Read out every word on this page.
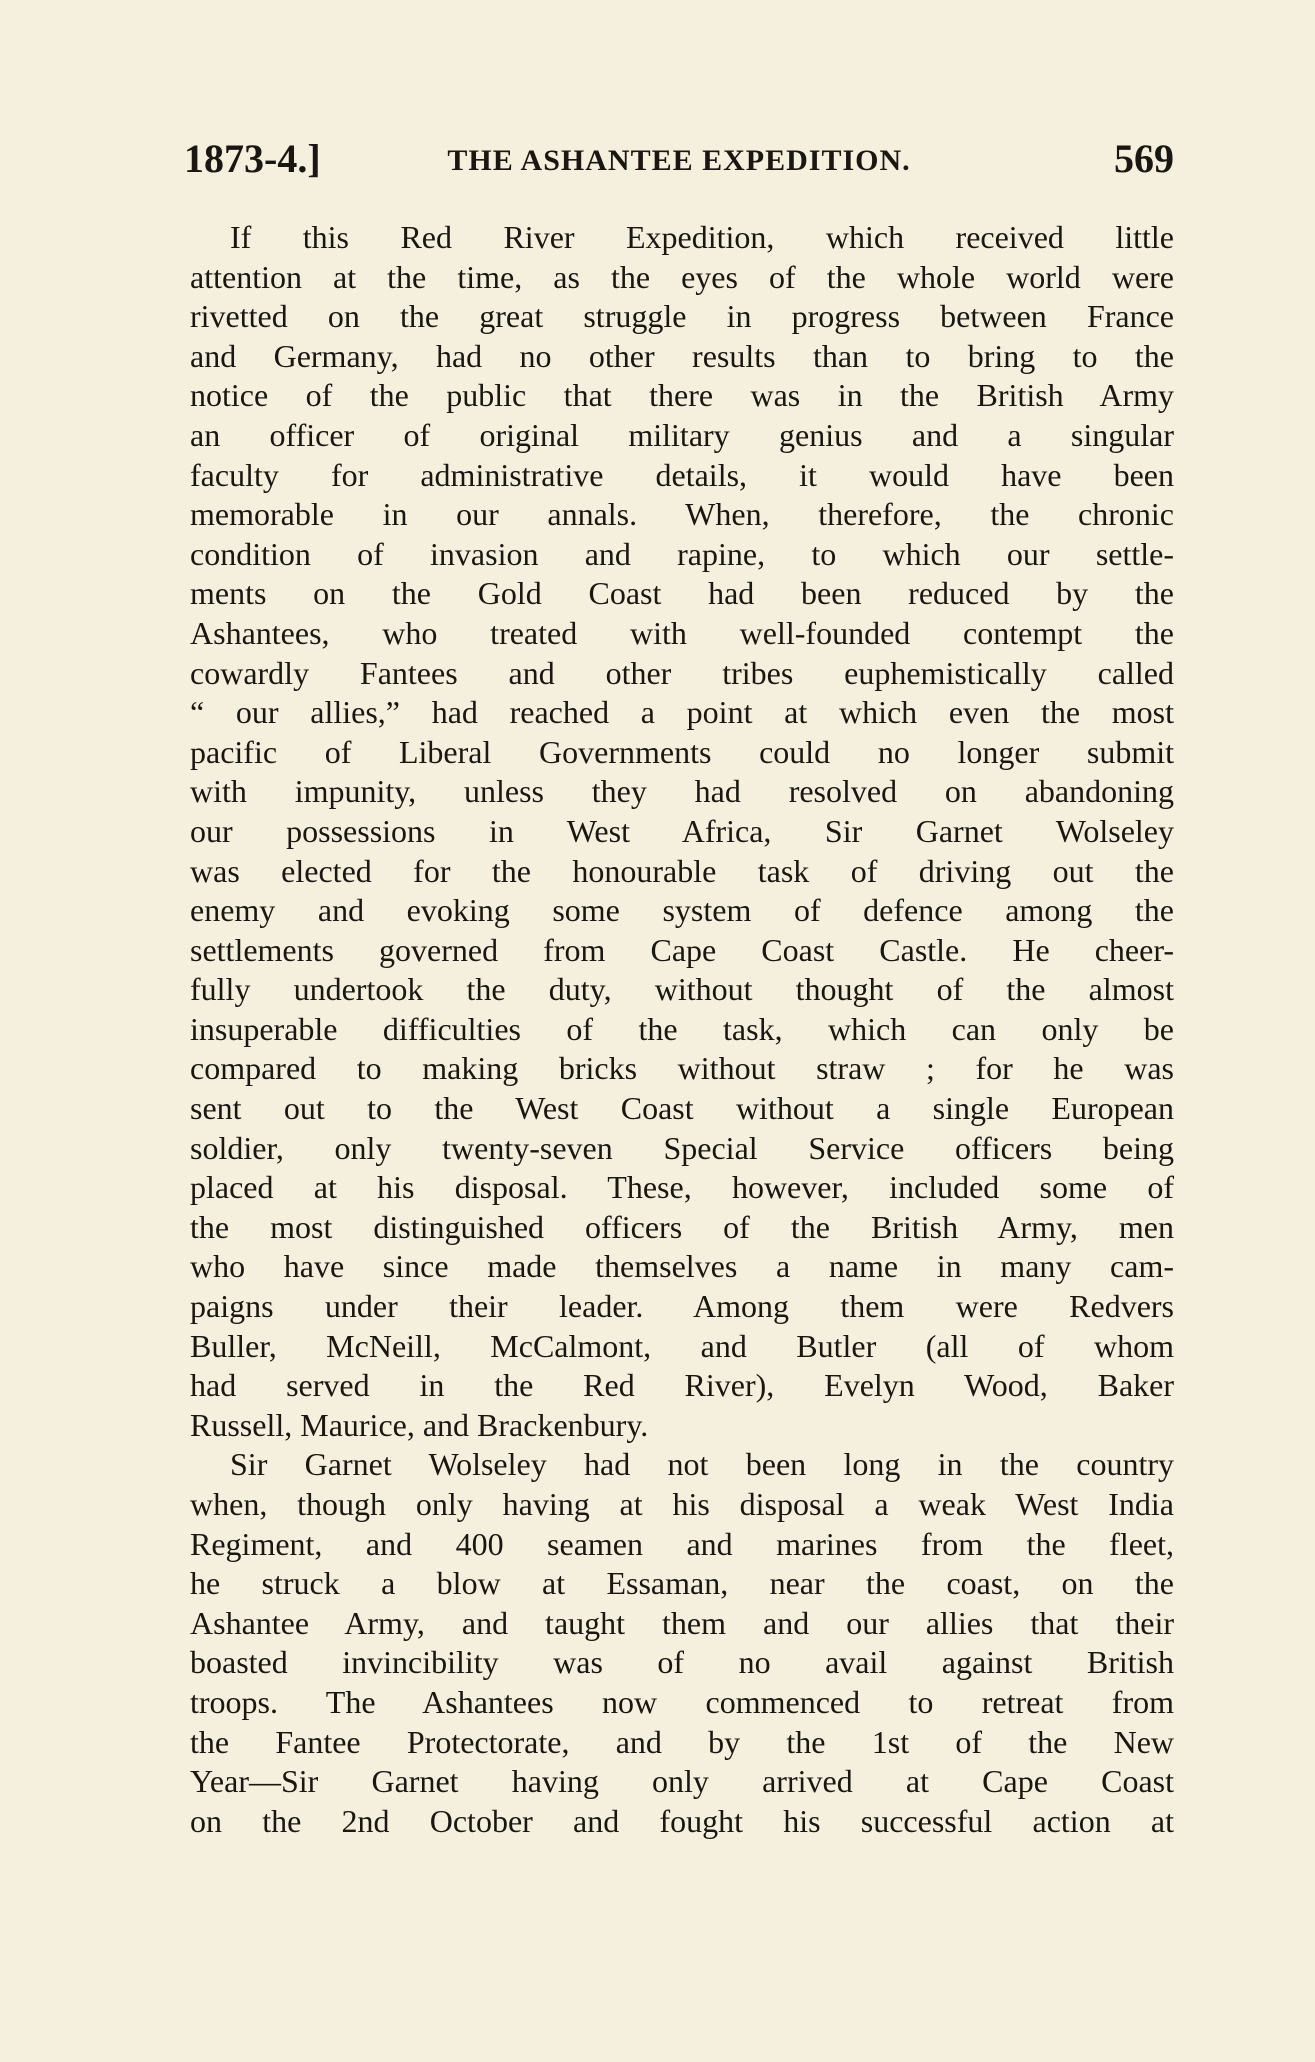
1873-4.]	THE ASHANTEE EXPEDITION.	569
If this Red River Expedition, which received little
attention at the time, as the eyes of the whole world were
rivetted on the great struggle in progress between France
and Germany, had no other results than to bring to the
notice of the public that there was in the British Army
an officer of original military genius and a singular
faculty for administrative details, it would have been
memorable in our annals. When, therefore, the chronic
condition of invasion and rapine, to which our settle-
ments on the Gold Coast had been reduced by the
Ashantees, who treated with well-founded contempt the
cowardly Fantees and other tribes euphemistically called
“ our allies,” had reached a point at which even the most
pacific of Liberal Governments could no longer submit
with impunity, unless they had resolved on abandoning
our possessions in West Africa, Sir Garnet Wolseley
was elected for the honourable task of driving out the
enemy and evoking some system of defence among the
settlements governed from Cape Coast Castle. He cheer-
fully undertook the duty, without thought of the almost
insuperable difficulties of the task, which can only be
compared to making bricks without straw ; for he was
sent out to the West Coast without a single European
soldier, only twenty-seven Special Service officers being
placed at his disposal. These, however, included some of
the most distinguished officers of the British Army, men
who have since made themselves a name in many cam-
paigns under their leader. Among them were Redvers
Buller, McNeill, McCalmont, and Butler (all of whom
had served in the Red River), Evelyn Wood, Baker
Russell, Maurice, and Brackenbury.
Sir Garnet Wolseley had not been long in the country
when, though only having at his disposal a weak West India
Regiment, and 400 seamen and marines from the fleet,
he struck a blow at Essaman, near the coast, on the
Ashantee Army, and taught them and our allies that their
boasted invincibility was of no avail against British
troops. The Ashantees now commenced to retreat from
the Fantee Protectorate, and by the 1st of the New
Year—Sir Garnet having only arrived at Cape Coast
on the 2nd October and fought his successful action at
